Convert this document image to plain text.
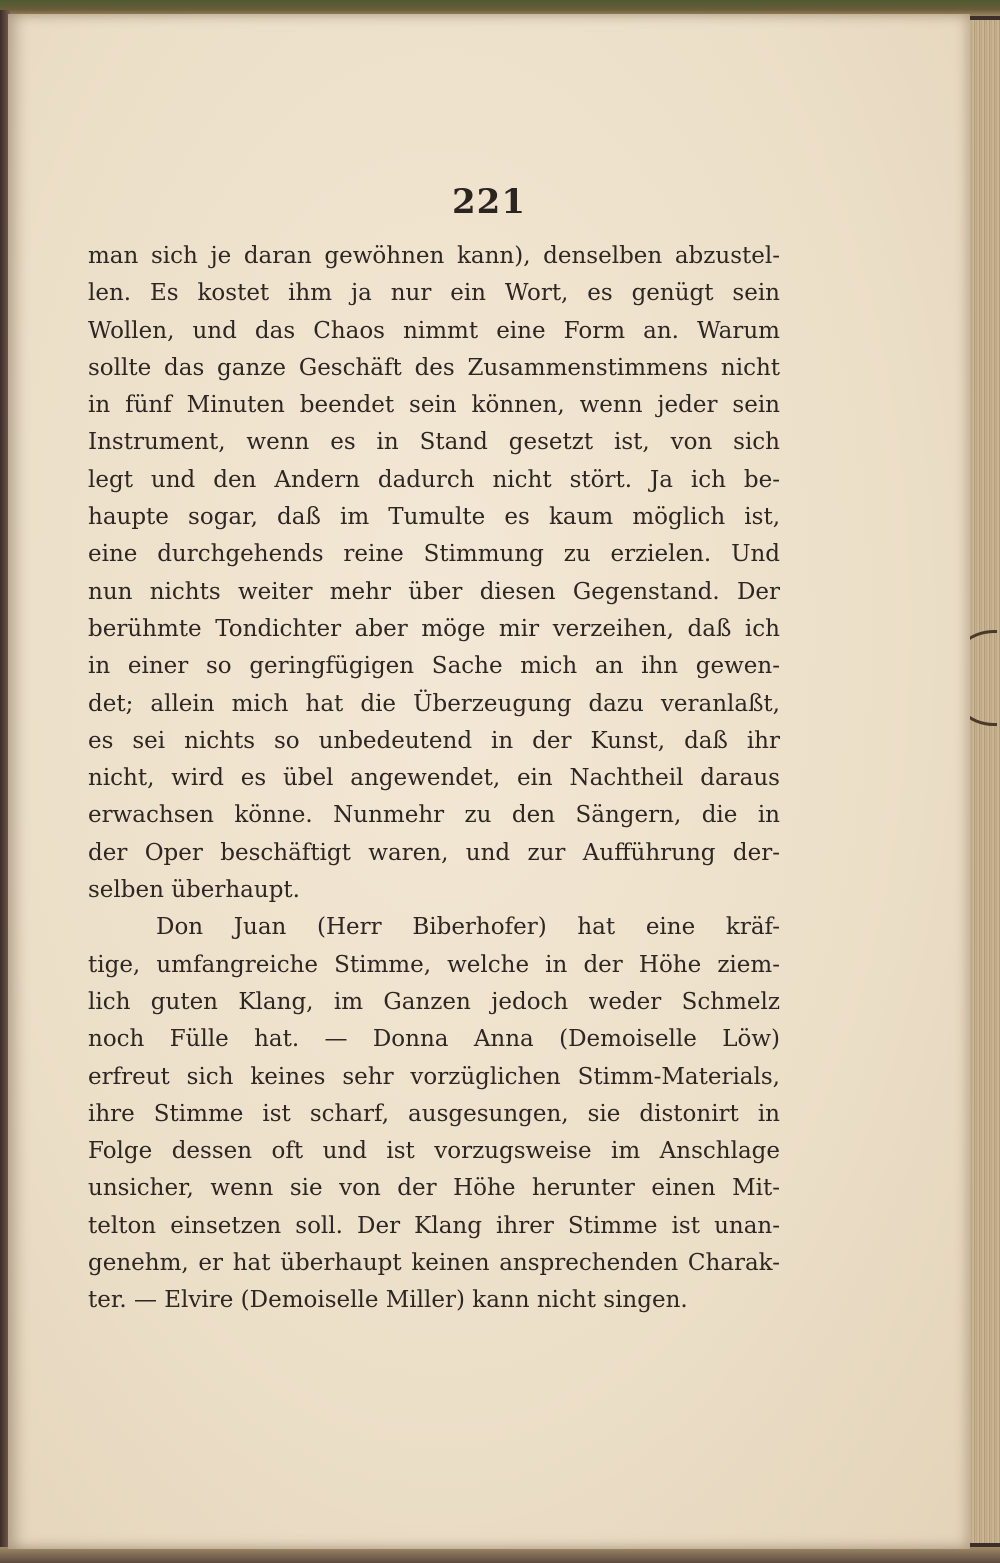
221
man sich je daran gewöhnen kann), denselben abzustel-
len. Es kostet ihm ja nur ein Wort, es genügt sein
Wollen, und das Chaos nimmt eine Form an. Warum
sollte das ganze Geschäft des Zusammenstimmens nicht
in fünf Minuten beendet sein können, wenn jeder sein
Instrument, wenn es in Stand gesetzt ist, von sich
legt und den Andern dadurch nicht stört. Ja ich be-
haupte sogar, daß im Tumulte es kaum möglich ist,
eine durchgehends reine Stimmung zu erzielen. Und
nun nichts weiter mehr über diesen Gegenstand. Der
berühmte Tondichter aber möge mir verzeihen, daß ich
in einer so geringfügigen Sache mich an ihn gewen-
det; allein mich hat die Überzeugung dazu veranlaßt,
es sei nichts so unbedeutend in der Kunst, daß ihr
nicht, wird es übel angewendet, ein Nachtheil daraus
erwachsen könne. Nunmehr zu den Sängern, die in
der Oper beschäftigt waren, und zur Aufführung der-
selben überhaupt.
Don Juan (Herr Biberhofer) hat eine kräf-
tige, umfangreiche Stimme, welche in der Höhe ziem-
lich guten Klang, im Ganzen jedoch weder Schmelz
noch Fülle hat. — Donna Anna (Demoiselle Löw)
erfreut sich keines sehr vorzüglichen Stimm-Materials,
ihre Stimme ist scharf, ausgesungen, sie distonirt in
Folge dessen oft und ist vorzugsweise im Anschlage
unsicher, wenn sie von der Höhe herunter einen Mit-
telton einsetzen soll. Der Klang ihrer Stimme ist unan-
genehm, er hat überhaupt keinen ansprechenden Charak-
ter. — Elvire (Demoiselle Miller) kann nicht singen.
